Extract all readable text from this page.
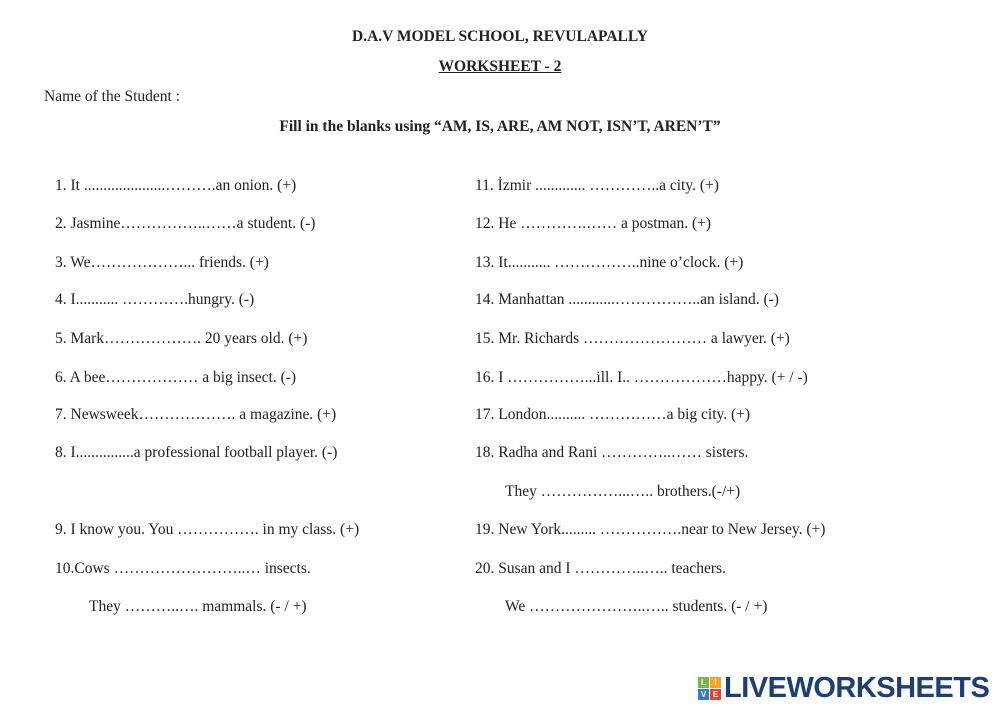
D.A.V MODEL SCHOOL, REVULAPALLY
WORKSHEET - 2
Name of the Student :
Fill in the blanks using “AM, IS, ARE, AM NOT, ISN’T, AREN’T”
1. It .....................……….an onion. (+)
2. Jasmine……………..……a student. (-)
3. We………………... friends. (+)
4. I........... ………….hungry. (-)
5. Mark………………. 20 years old. (+)
6. A bee……………… a big insect. (-)
7. Newsweek………………. a magazine. (+)
8. I...............a professional football player. (-)
9. I know you. You ……………. in my class. (+)
10.Cows ……………………..… insects.
They ………..…. mammals. (- / +)
11. İzmir ............. …………..a city. (+)
12. He ………….…… a postman. (+)
13. It........... ……………..nine o’clock. (+)
14. Manhattan ............……………..an island. (-)
15. Mr. Richards …………………… a lawyer. (+)
16. I ……………...ill. I.. ………………happy. (+ / -)
17. London.......... ……………a big city. (+)
18. Radha and Rani …………..…… sisters.
They ……………...….. brothers.(-/+)
19. New York......... …………….near to New Jersey. (+)
20. Susan and I …………..….. teachers.
We …………………..….. students. (- / +)
L	I
V E LIVEWORKSHEETS
